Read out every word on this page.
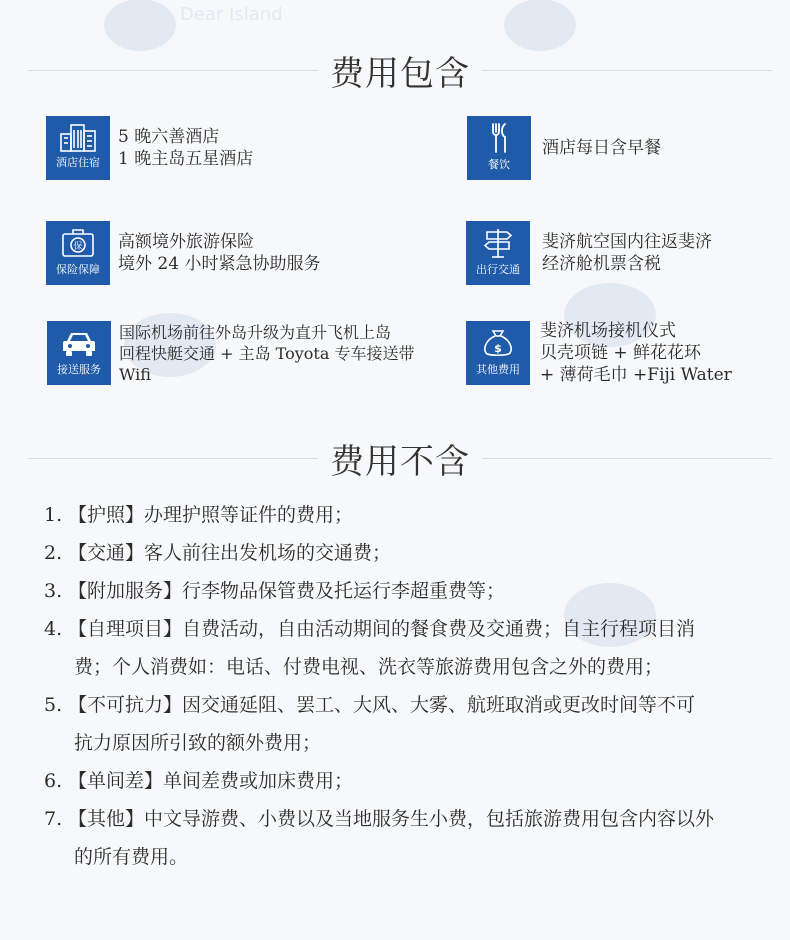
Dear Island
费用包含
酒店住宿
5 晚六善酒店
1 晚主岛五星酒店	餐饮
酒店每日含早餐
保
保险保障
高额境外旅游保险
境外 24 小时紧急协助服务	出行交通
斐济航空国内往返斐济
经济舱机票含税
接送服务
国际机场前往外岛升级为直升飞机上岛
回程快艇交通 + 主岛 Toyota 专车接送带
Wifi
$
其他费用
斐济机场接机仪式
贝壳项链 + 鲜花花环
+ 薄荷毛巾 +Fiji Water
费用不含
1. 【护照】办理护照等证件的费用；
2. 【交通】客人前往出发机场的交通费；
3. 【附加服务】行李物品保管费及托运行李超重费等；
4. 【自理项目】自费活动，自由活动期间的餐食费及交通费；自主行程项目消
费；个人消费如：电话、付费电视、洗衣等旅游费用包含之外的费用；
5. 【不可抗力】因交通延阻、罢工、大风、大雾、航班取消或更改时间等不可
抗力原因所引致的额外费用；
6. 【单间差】单间差费或加床费用；
7. 【其他】中文导游费、小费以及当地服务生小费，包括旅游费用包含内容以外
的所有费用。
